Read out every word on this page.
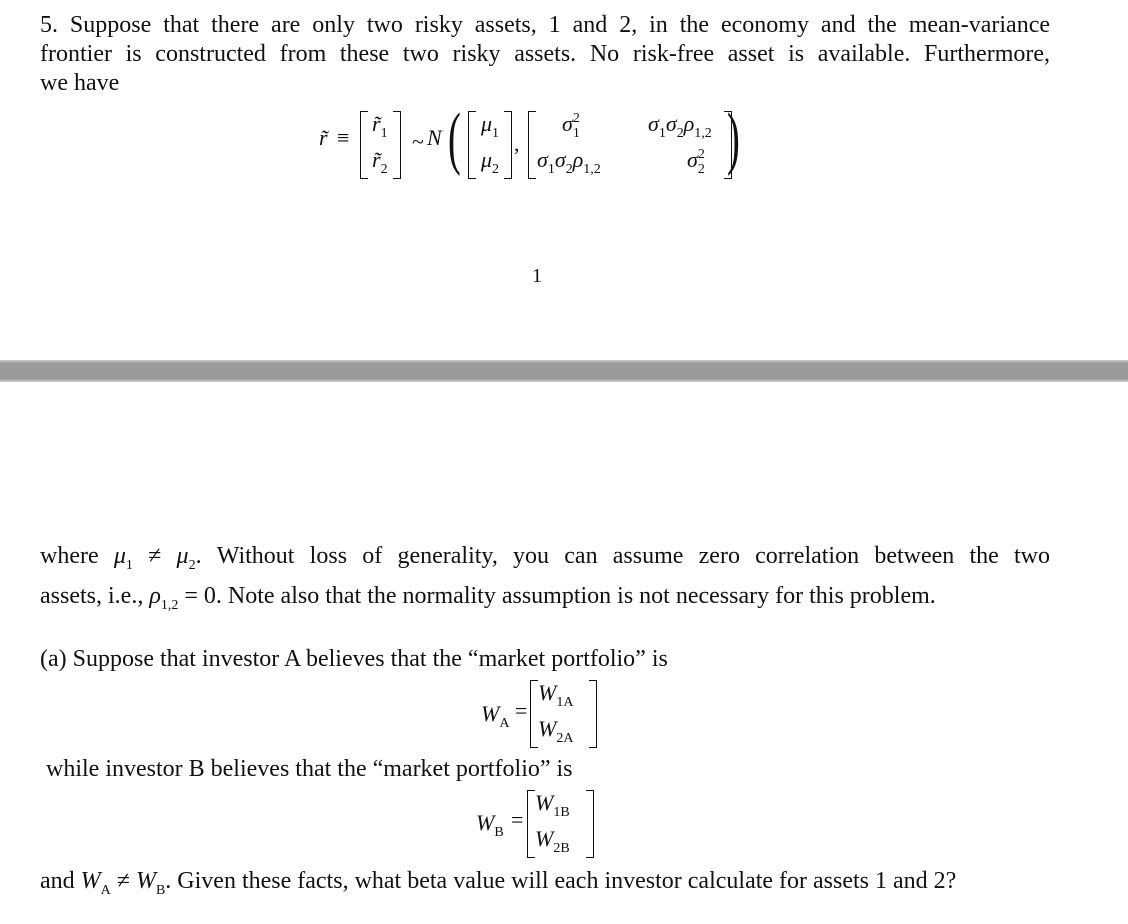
5. Suppose that there are only two risky assets, 1 and 2, in the economy and the mean-variance
frontier is constructed from these two risky assets. No risk-free asset is available. Furthermore,
we have
r̃ ≡
$r̃_1$
$r̃_2$
~ N (	)
$\mu_1$
$\mu_2$
,
$\sigma_1^2$
$\sigma_1\sigma_2\rho_{1,2}$
$\sigma_1\sigma_2\rho_{1,2}$
$\sigma_2^2$
1
where $\mu_1 \ne \mu_2$. Without loss of generality, you can assume zero correlation between the two
assets, i.e., $\rho_{1,2} = 0$. Note also that the normality assumption is not necessary for this problem.
(a) Suppose that investor A believes that the “market portfolio” is
$W_A$
=
$W_{1A}$
$W_{2A}$
while investor B believes that the “market portfolio” is
$W_B$
=
$W_{1B}$
$W_{2B}$
and $W_A \ne W_B$. Given these facts, what beta value will each investor calculate for assets 1 and 2?
